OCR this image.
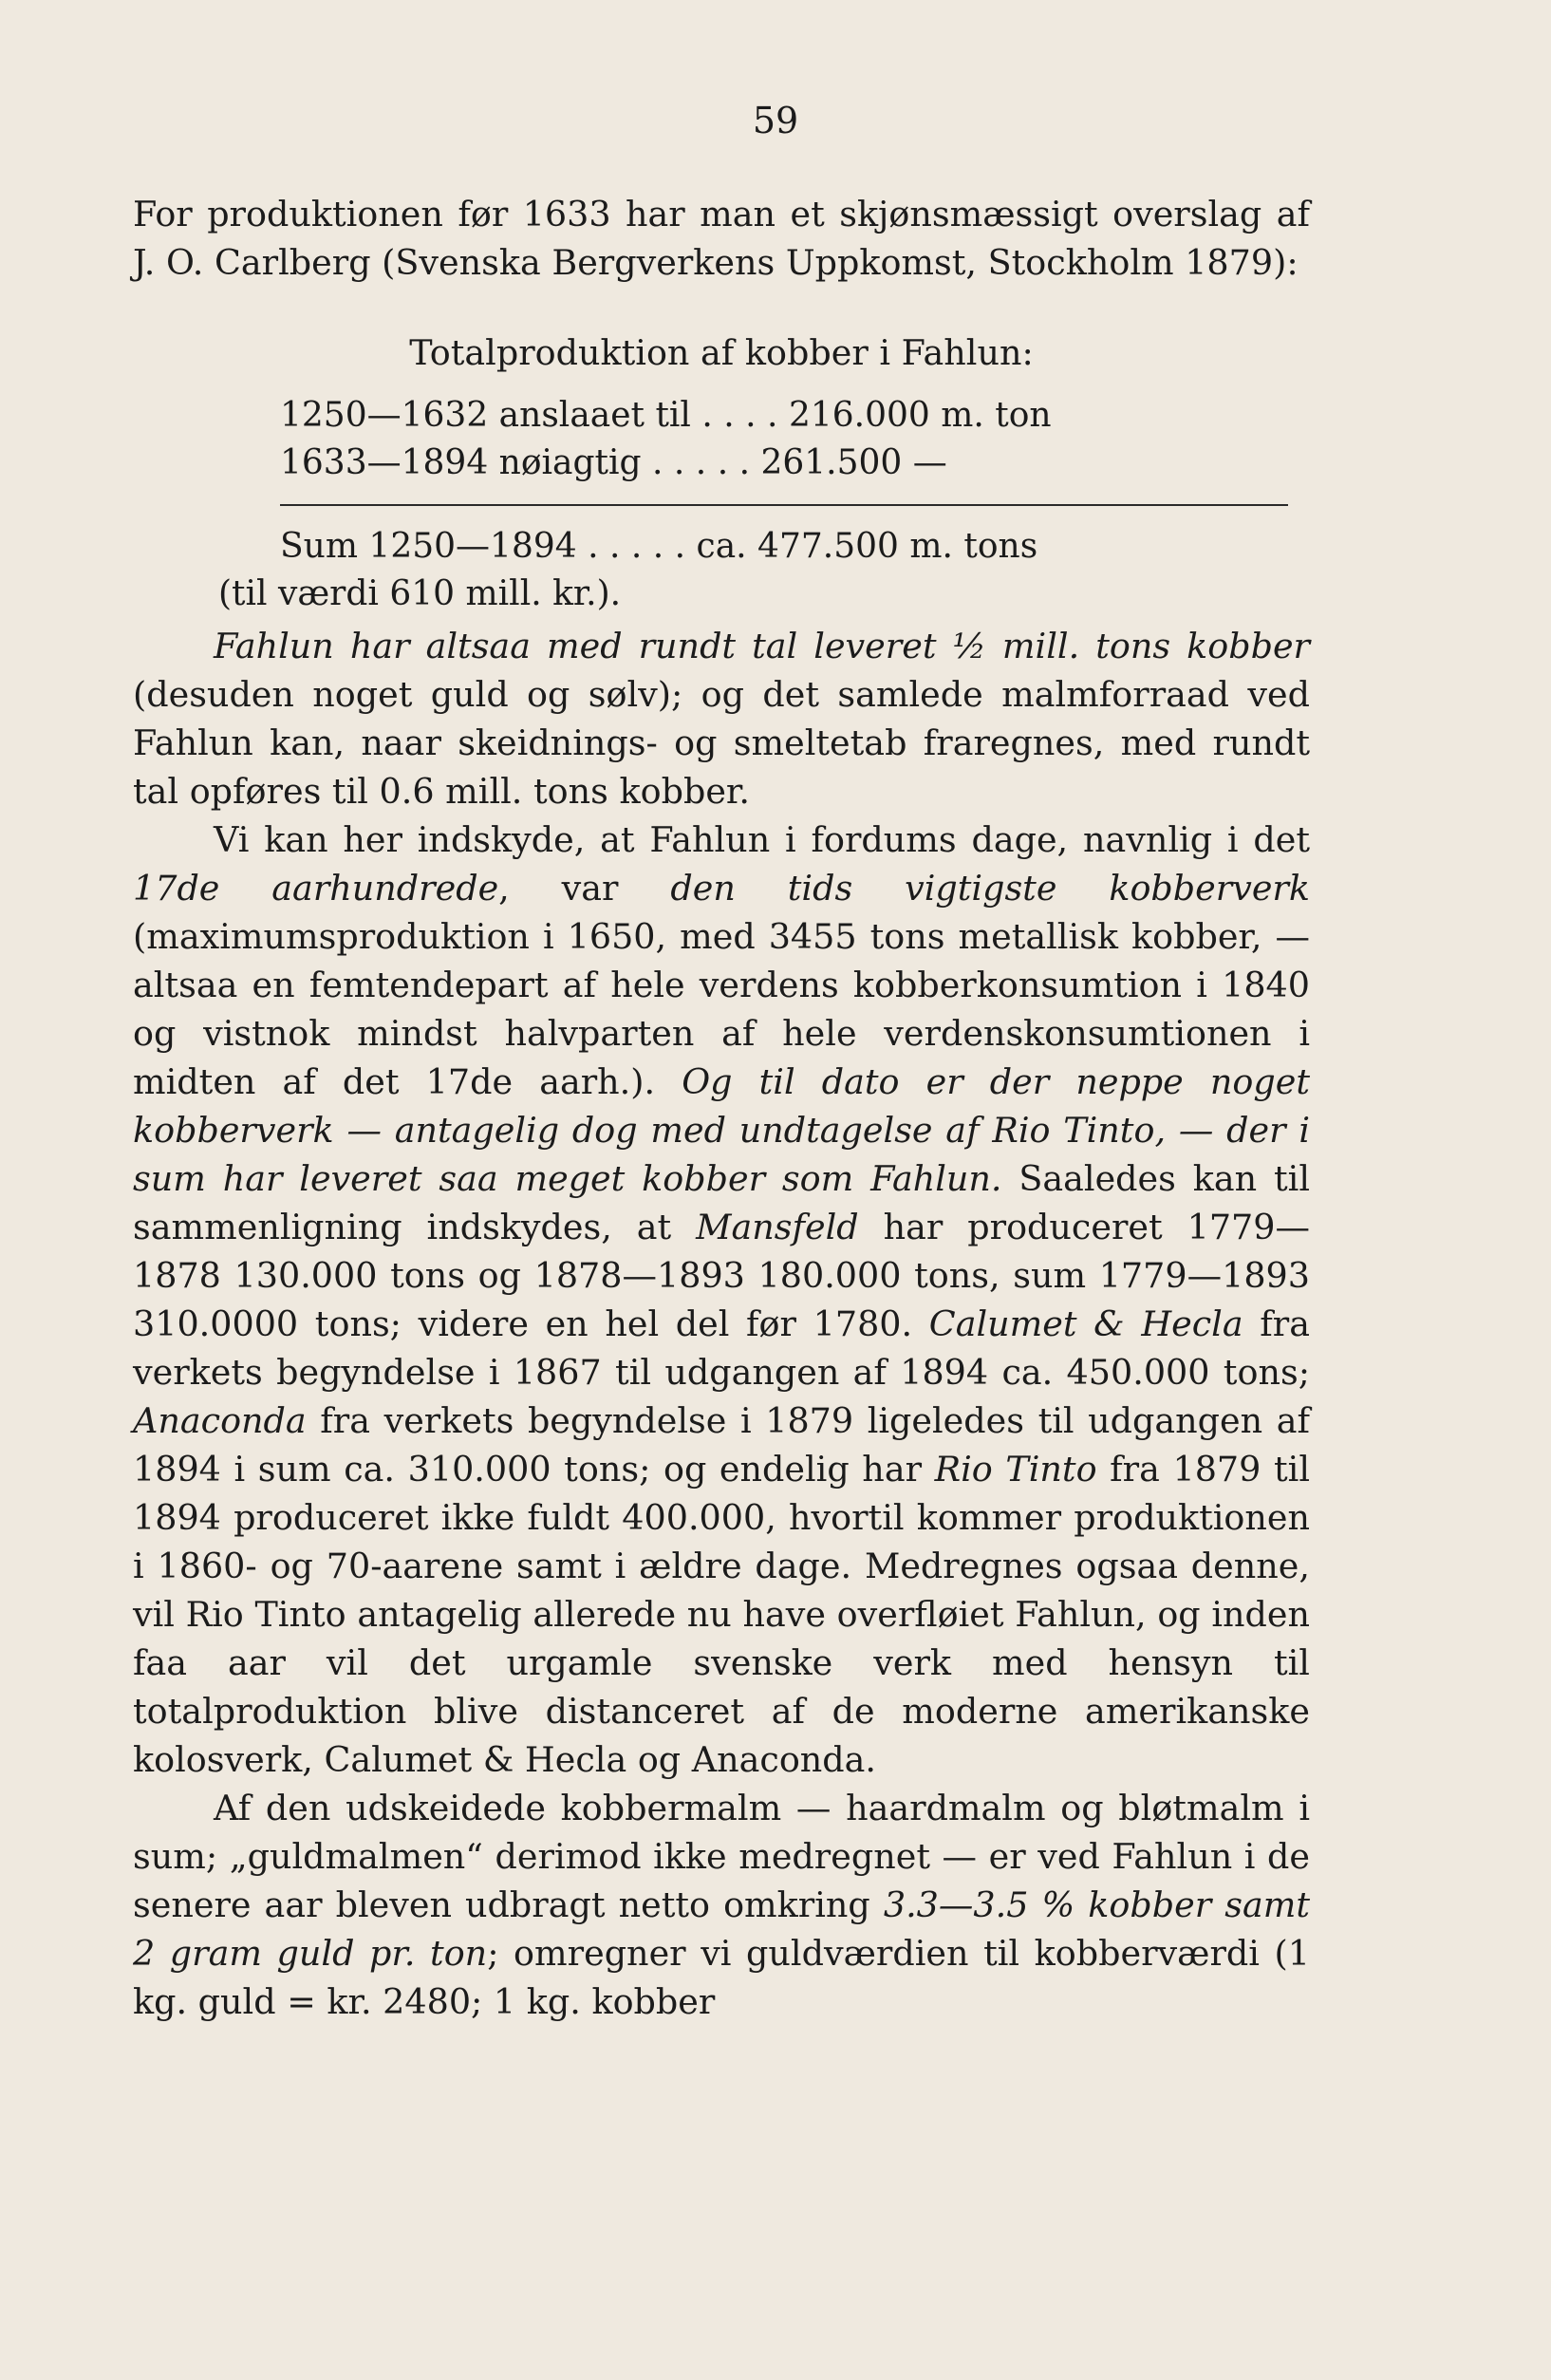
59

For produktionen før 1633 har man et skjønsmæssigt overslag af J. O. Carlberg (Svenska Bergverkens Uppkomst, Stockholm 1879):

Totalproduktion af kobber i Fahlun:
1250—1632 anslaaet til . . . . 216.000 m. ton
1633—1894 nøiagtig . . . . . 261.500 —
Sum 1250—1894 . . . . . ca. 477.500 m. tons
(til værdi 610 mill. kr.).

Fahlun har altsaa med rundt tal leveret ½ mill. tons kobber (desuden noget guld og sølv); og det samlede malmforraad ved Fahlun kan, naar skeidnings- og smeltetab fraregnes, med rundt tal opføres til 0.6 mill. tons kobber.

Vi kan her indskyde, at Fahlun i fordums dage, navnlig i det 17de aarhundrede, var den tids vigtigste kobberverk (maximumsproduktion i 1650, med 3455 tons metallisk kobber, — altsaa en femtendepart af hele verdens kobberkonsumtion i 1840 og vistnok mindst halvparten af hele verdenskonsumtionen i midten af det 17de aarh.). Og til dato er der neppe noget kobberverk — antagelig dog med undtagelse af Rio Tinto, — der i sum har leveret saa meget kobber som Fahlun. Saaledes kan til sammenligning indskydes, at Mansfeld har produceret 1779—1878 130.000 tons og 1878—1893 180.000 tons, sum 1779—1893 310.0000 tons; videre en hel del før 1780. Calumet & Hecla fra verkets begyndelse i 1867 til udgangen af 1894 ca. 450.000 tons; Anaconda fra verkets begyndelse i 1879 ligeledes til udgangen af 1894 i sum ca. 310.000 tons; og endelig har Rio Tinto fra 1879 til 1894 produceret ikke fuldt 400.000, hvortil kommer produktionen i 1860- og 70-aarene samt i ældre dage. Medregnes ogsaa denne, vil Rio Tinto antagelig allerede nu have overfløiet Fahlun, og inden faa aar vil det urgamle svenske verk med hensyn til totalproduktion blive distanceret af de moderne amerikanske kolosverk, Calumet & Hecla og Anaconda.

Af den udskeidede kobbermalm — haardmalm og bløtmalm i sum; „guldmalmen“ derimod ikke medregnet — er ved Fahlun i de senere aar bleven udbragt netto omkring 3.3—3.5 % kobber samt 2 gram guld pr. ton; omregner vi guldværdien til kobberværdi (1 kg. guld = kr. 2480; 1 kg. kobber
